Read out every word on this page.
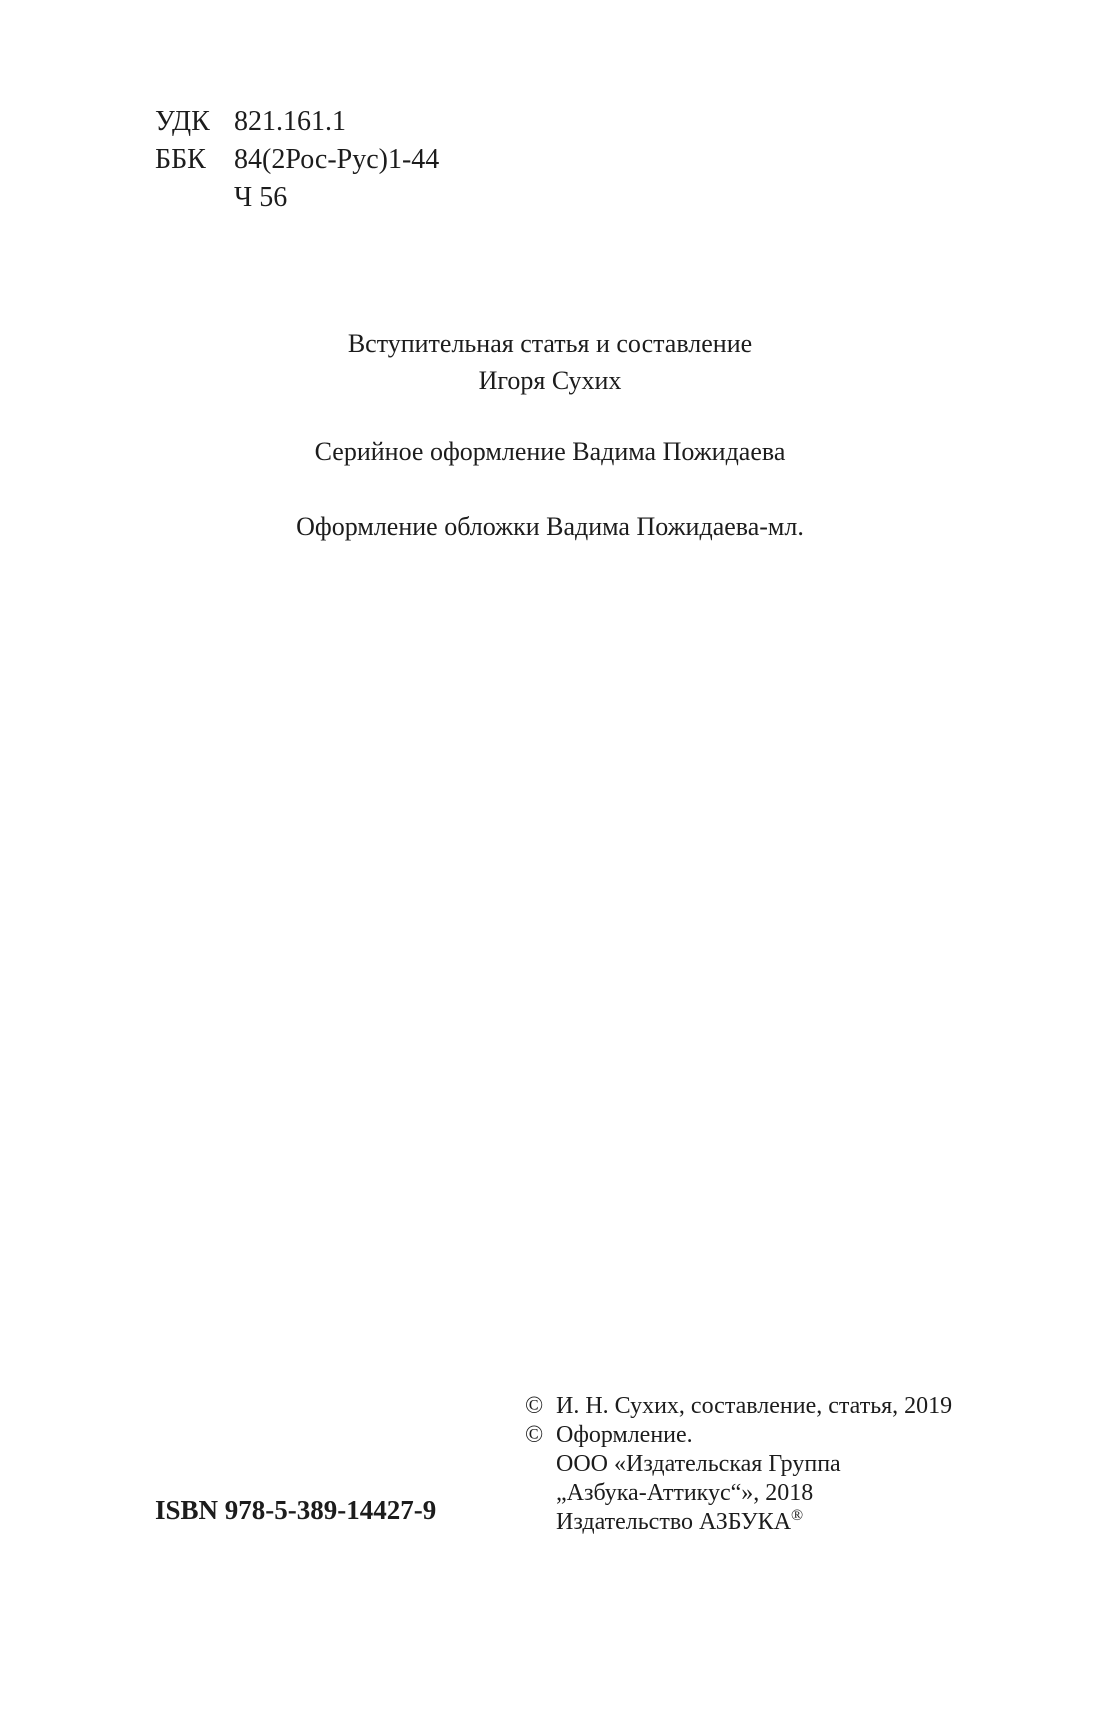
УДК 821.161.1
ББК	84(2Рос-Рус)1-44
Ч 56
Вступительная статья и составление
Игоря Сухих
Серийное оформление Вадима Пожидаева
Оформление обложки Вадима Пожидаева-мл.
ISBN 978-5-389-14427-9
© И. Н. Сухих, составление, статья, 2019
© Оформление.
ООО «Издательская Группа
„Азбука-Аттикус“», 2018
Издательство АЗБУКА®
